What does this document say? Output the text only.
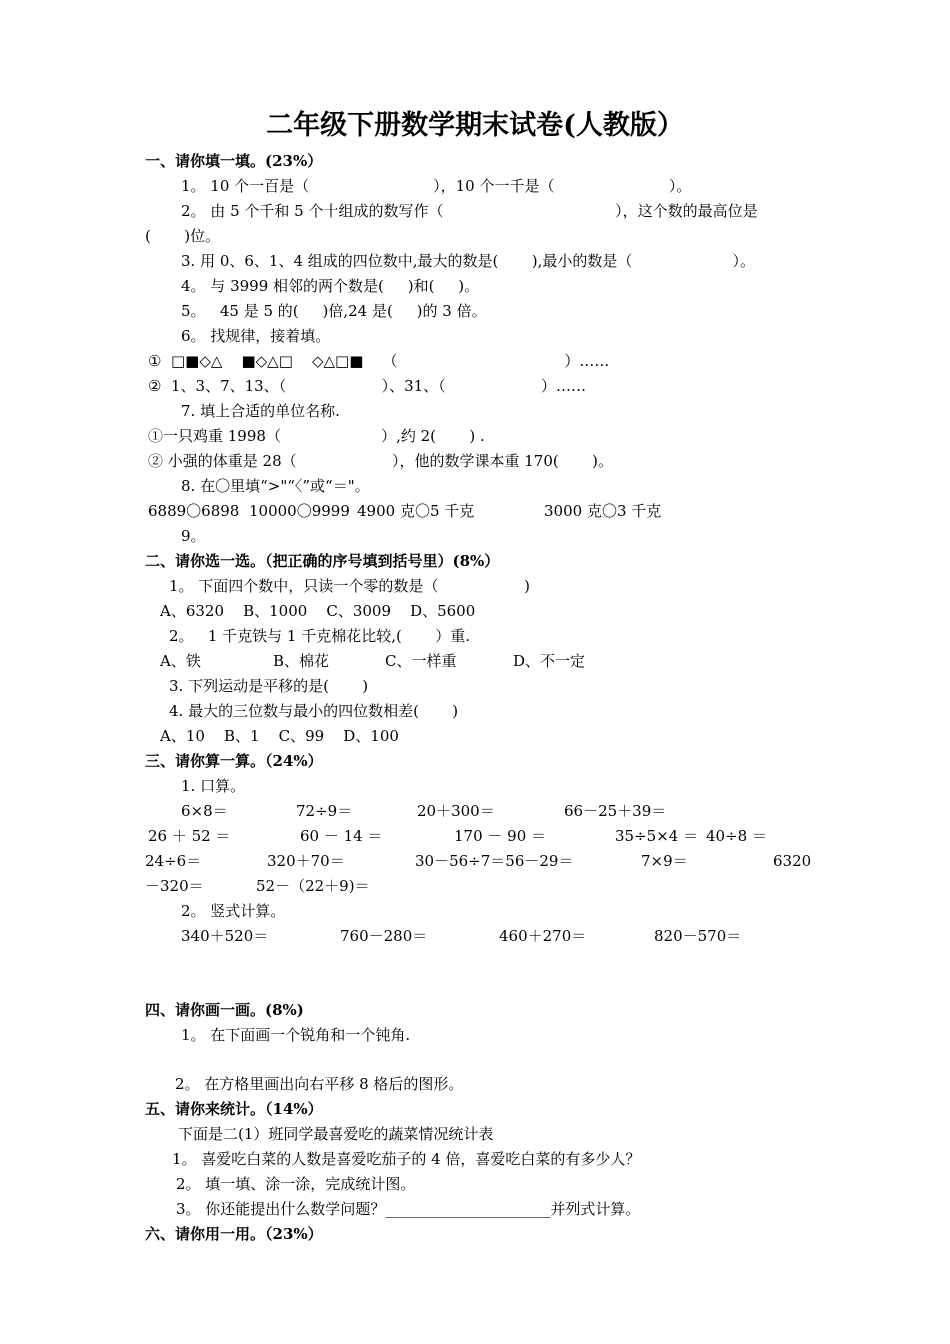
二年级下册数学期末试卷(人教版）
一、请你填一填。(23%）
1。 10 个一百是（                          ），10 个一千是（                        ）。
2。 由 5 个千和 5 个十组成的数写作（                                    ），这个数的最高位是
(       )位。
3. 用 0、6、1、4 组成的四位数中,最大的数是(       ),最小的数是（                     ）。
4。 与 3999 相邻的两个数是(     )和(     )。
5。   45 是 5 的(     )倍,24 是(     )的 3 倍。
6。 找规律，接着填。
①  □■◇△    ■◇△□    ◇△□■    （                                   ）……
②  1、3、7、13、（                    ）、31、（                    ）……
7. 填上合适的单位名称.
①一只鸡重 1998（                     ）,约 2(       ) .
② 小强的体重是 28（                    ），他的数学课本重 170(       )。
8. 在〇里填“>"“〈”或“＝"。
6889〇6898 10000〇9999 4900 克〇5 千克	3000 克〇3 千克
9。
二、请你选一选。（把正确的序号填到括号里）(8%）
1。 下面四个数中，只读一个零的数是（                  )
A、6320    B、1000    C、3009    D、5600
2。   1 千克铁与 1 千克棉花比较,(       ）重.
A、铁	B、棉花	C、一样重	D、不一定
3. 下列运动是平移的是(       )
4. 最大的三位数与最小的四位数相差(       )
A、10    B、1    C、99    D、100
三、请你算一算。（24%）
1. 口算。
6×8＝	72÷9＝	20＋300＝	66－25＋39＝
26 ＋ 52 ＝	60 － 14 ＝	170 － 90 ＝	35÷5×4 ＝ 40÷8 ＝
24÷6＝	320＋70＝	30－56÷7＝56－29＝	7×9＝	6320
－320＝	52－（22＋9)＝
2。 竖式计算。
340＋520＝	760－280＝	460＋270＝	820－570＝
四、请你画一画。(8%)
1。 在下面画一个锐角和一个钝角.
2。 在方格里画出向右平移 8 格后的图形。
五、请你来统计。（14%）
下面是二(1）班同学最喜爱吃的蔬菜情况统计表
1。 喜爱吃白菜的人数是喜爱吃茄子的 4 倍，喜爱吃白菜的有多少人？
2。 填一填、涂一涂，完成统计图。
3。 你还能提出什么数学问题？______________________并列式计算。
六、请你用一用。（23%）
